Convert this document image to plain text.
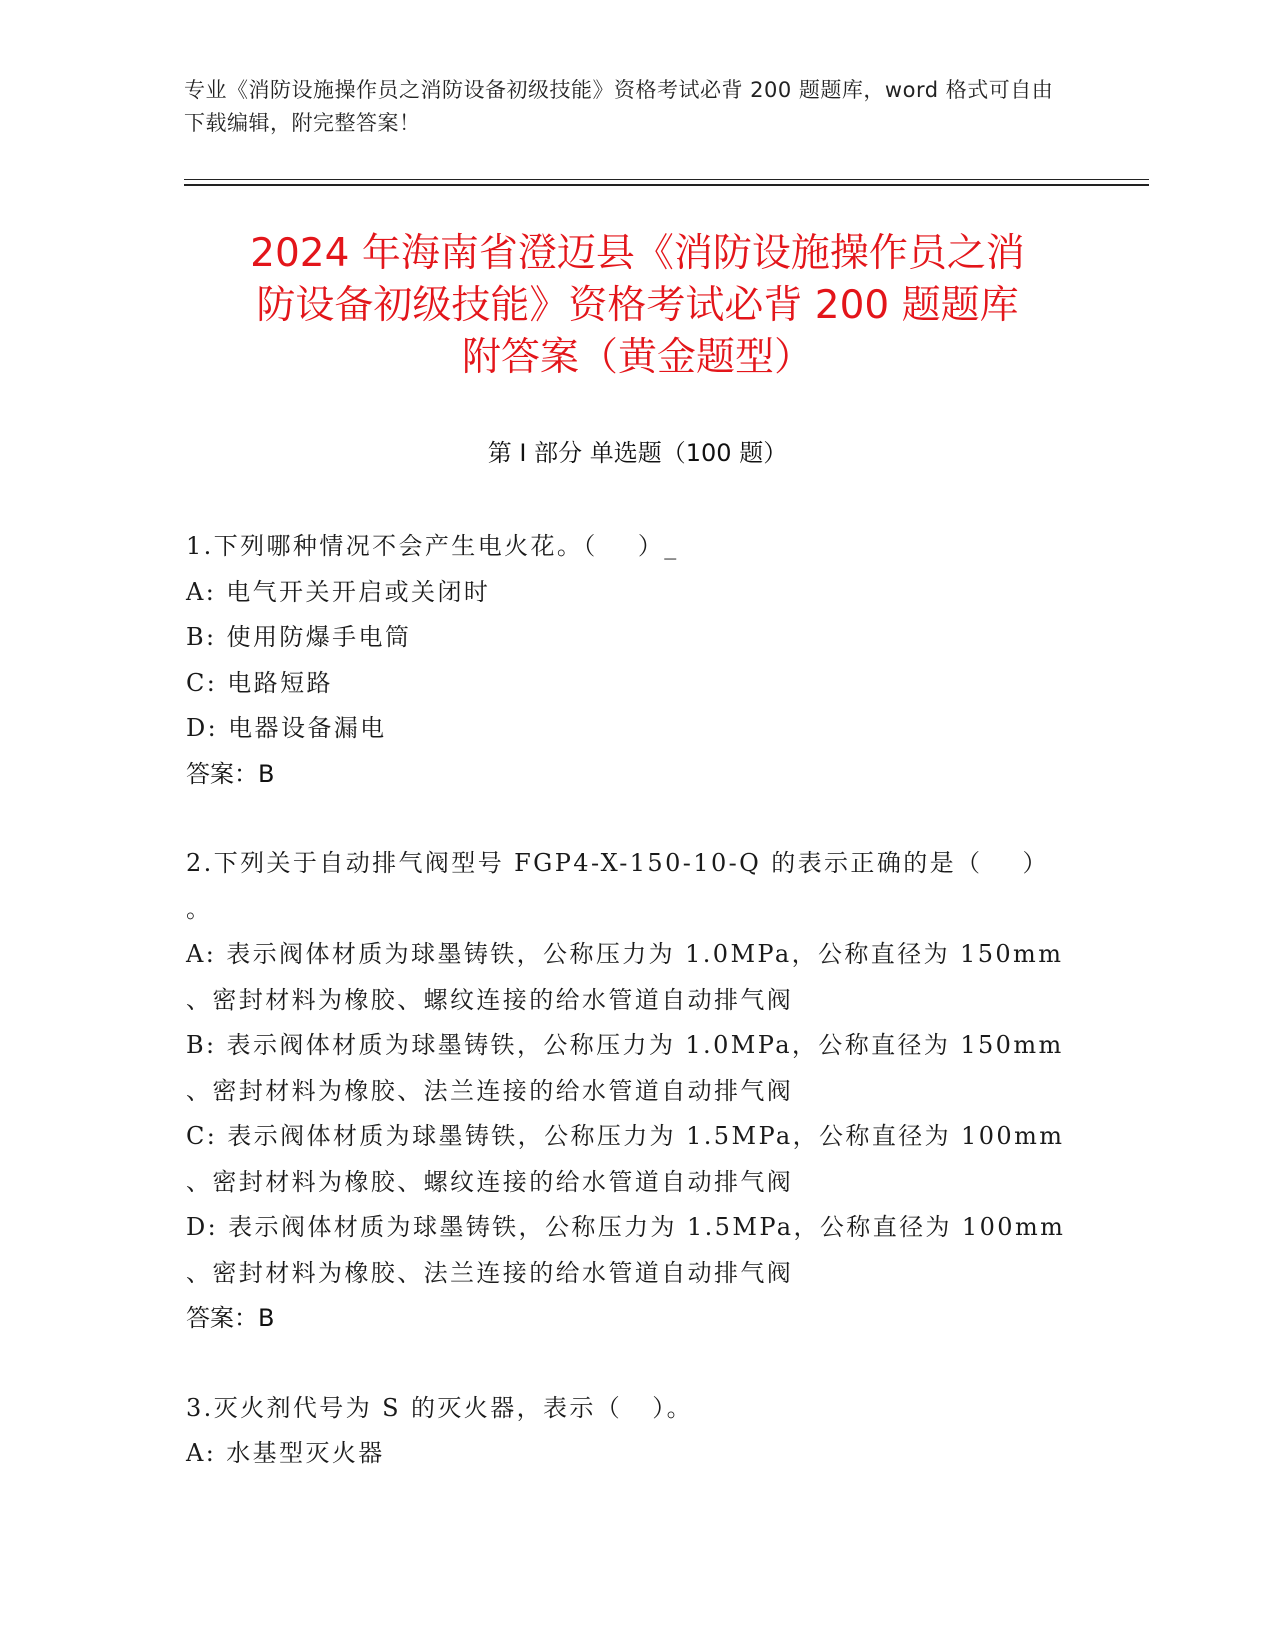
专业《消防设施操作员之消防设备初级技能》资格考试必背 200 题题库，word 格式可自由下载编辑，附完整答案！
2024 年海南省澄迈县《消防设施操作员之消
防设备初级技能》资格考试必背 200 题题库
附答案（黄金题型）
第 I 部分 单选题（100 题）
1.下列哪种情况不会产生电火花。（    ）_
A: 电气开关开启或关闭时
B: 使用防爆手电筒
C: 电路短路
D: 电器设备漏电
答案：B
2.下列关于自动排气阀型号 FGP4-X-150-10-Q 的表示正确的是（    ）
。
A: 表示阀体材质为球墨铸铁，公称压力为 1.0MPa，公称直径为 150mm
、密封材料为橡胶、螺纹连接的给水管道自动排气阀
B: 表示阀体材质为球墨铸铁，公称压力为 1.0MPa，公称直径为 150mm
、密封材料为橡胶、法兰连接的给水管道自动排气阀
C: 表示阀体材质为球墨铸铁，公称压力为 1.5MPa，公称直径为 100mm
、密封材料为橡胶、螺纹连接的给水管道自动排气阀
D: 表示阀体材质为球墨铸铁，公称压力为 1.5MPa，公称直径为 100mm
、密封材料为橡胶、法兰连接的给水管道自动排气阀
答案：B
3.灭火剂代号为 S 的灭火器，表示（   ）。
A: 水基型灭火器
